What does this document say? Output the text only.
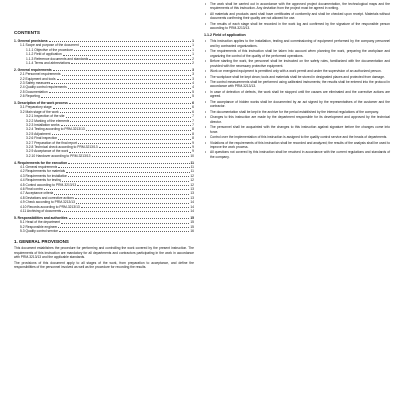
CONTENTS
1. General provisions	1
1.1 Scope and purpose of the document	1
1.1.1 Objective of the procedure	1
1.1.2 Field of application	1
1.1.3 Reference documents and standards	2
1.1.4 Terms and abbreviations	2
2. General requirements	3
2.1 Personnel requirements	3
2.2 Equipment and tools	3
2.3 Safety measures	4
2.4 Quality control requirements	4
2.5 Documentation	5
2.6 Reporting	5
3. Description of the work process	6
3.1 Preparatory stage	6
3.2 Main stage of the work	6
3.2.1 Inspection of the site	7
3.2.2 Marking of the elements	7
3.2.3 Installation works	7
3.2.4 Testing according to PRM-3213/13	8
3.2.5 Adjustment	8
3.2.6 Final inspection	8
3.2.7 Preparation of the final report	9
3.2.8 Technical check according to PRM-3213/13	9
3.2.9 Acceptance of the work	9
3.2.10 Handover according to PRM-3213/13	10
4. Requirements for the execution	11
4.1 General requirements	11
4.2 Requirements for materials	11
4.3 Requirements for installation	12
4.4 Requirements for testing	12
4.5 Control according to PRM-3213/13	12
4.6 Final control	13
4.7 Acceptance criteria	13
4.8 Deviations and corrective actions	13
4.9 Check according to PRM-3213/13	14
4.10 Records according to PRM-3213/13	14
4.11 Archiving of documents	14
5. Responsibilities and authorities	15
5.1 Head of the department	15
5.2 Responsible engineer	15
5.3 Quality control service	16
1. GENERAL PROVISIONS

This document establishes the procedure for performing and controlling the work covered by the present instruction. The requirements of this instruction are mandatory for all departments and contractors participating in the work in accordance with PRM-3213/13 and the applicable standards.

The provisions of this document apply to all stages of the work, from preparation to acceptance, and define the responsibilities of the personnel involved as well as the procedure for recording the results.

• The work shall be carried out in accordance with the approved project documentation, the technological maps and the requirements of this instruction. Any deviation from the project must be agreed in writing.
• All materials and products used shall have certificates of conformity and shall be checked upon receipt. Materials without documents confirming their quality are not allowed for use.
• The results of each stage shall be recorded in the work log and confirmed by the signature of the responsible person according to PRM-3213/13.
1.1.2 Field of application
• This instruction applies to the installation, testing and commissioning of equipment performed by the company personnel and by contracted organizations.
• The requirements of this instruction shall be taken into account when planning the work, preparing the workplace and organizing the control of the quality of the performed operations.
• Before starting the work, the personnel shall be instructed on the safety rules, familiarized with the documentation and provided with the necessary protective equipment.
• Work on energized equipment is permitted only with a work permit and under the supervision of an authorized person.
• The workplace shall be kept clean; tools and materials shall be stored in designated places and protected from damage.
• The control measurements shall be performed using calibrated instruments; the results shall be entered into the protocol in accordance with PRM-3213/13.
• In case of detection of defects, the work shall be stopped until the causes are eliminated and the corrective actions are agreed.
• The acceptance of hidden works shall be documented by an act signed by the representatives of the customer and the contractor.
• The documentation shall be kept in the archive for the period established by the internal regulations of the company.
• Changes to this instruction are made by the department responsible for its development and approved by the technical director.
• The personnel shall be acquainted with the changes to this instruction against signature before the changes come into force.
• Control over the implementation of this instruction is assigned to the quality control service and the heads of departments.
• Violations of the requirements of this instruction shall be recorded and analyzed; the results of the analysis shall be used to improve the work process.
• All questions not covered by this instruction shall be resolved in accordance with the current regulations and standards of the company.
